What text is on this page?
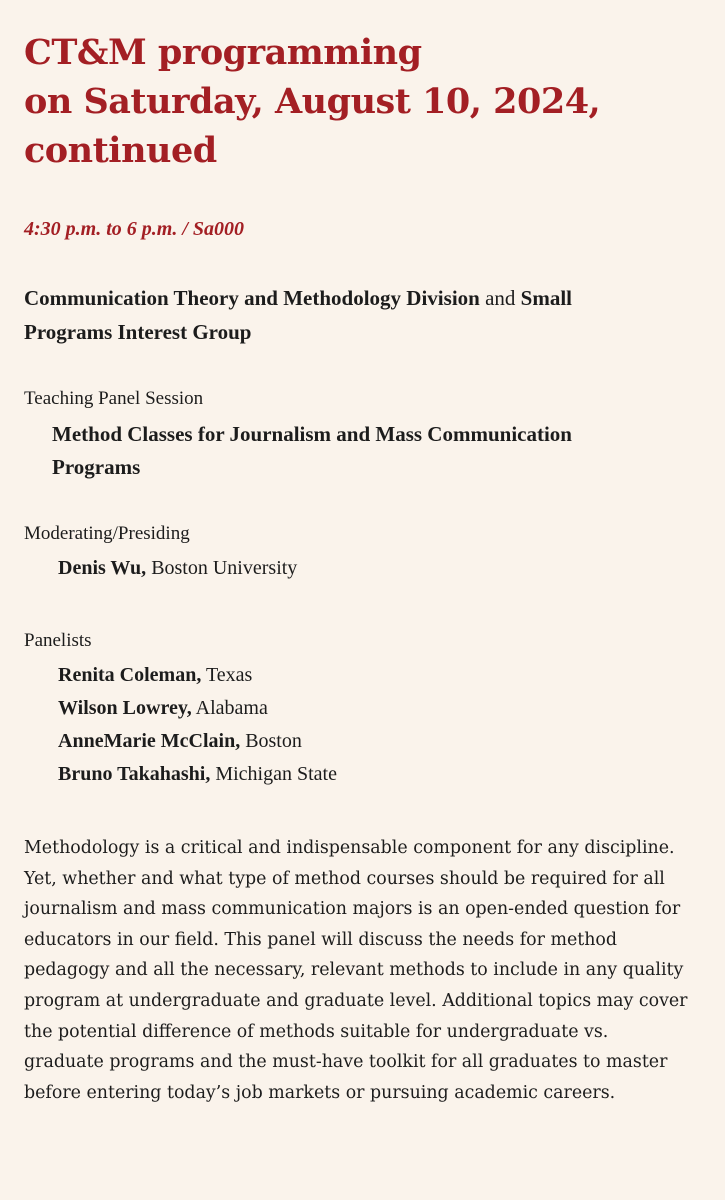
CT&M programming
on Saturday, August 10, 2024,
continued
4:30 p.m. to 6 p.m. / Sa000
Communication Theory and Methodology Division and Small Programs Interest Group
Teaching Panel Session
Method Classes for Journalism and Mass Communication Programs
Moderating/Presiding
Denis Wu, Boston University
Panelists
Renita Coleman, Texas
Wilson Lowrey, Alabama
AnneMarie McClain, Boston
Bruno Takahashi, Michigan State

Methodology is a critical and indispensable component for any discipline. Yet, whether and what type of method courses should be required for all journalism and mass communication majors is an open-ended question for educators in our field. This panel will discuss the needs for method pedagogy and all the necessary, relevant methods to include in any quality program at undergraduate and graduate level. Additional topics may cover the potential difference of methods suitable for undergraduate vs. graduate programs and the must-have toolkit for all graduates to master before entering today’s job markets or pursuing academic careers.
